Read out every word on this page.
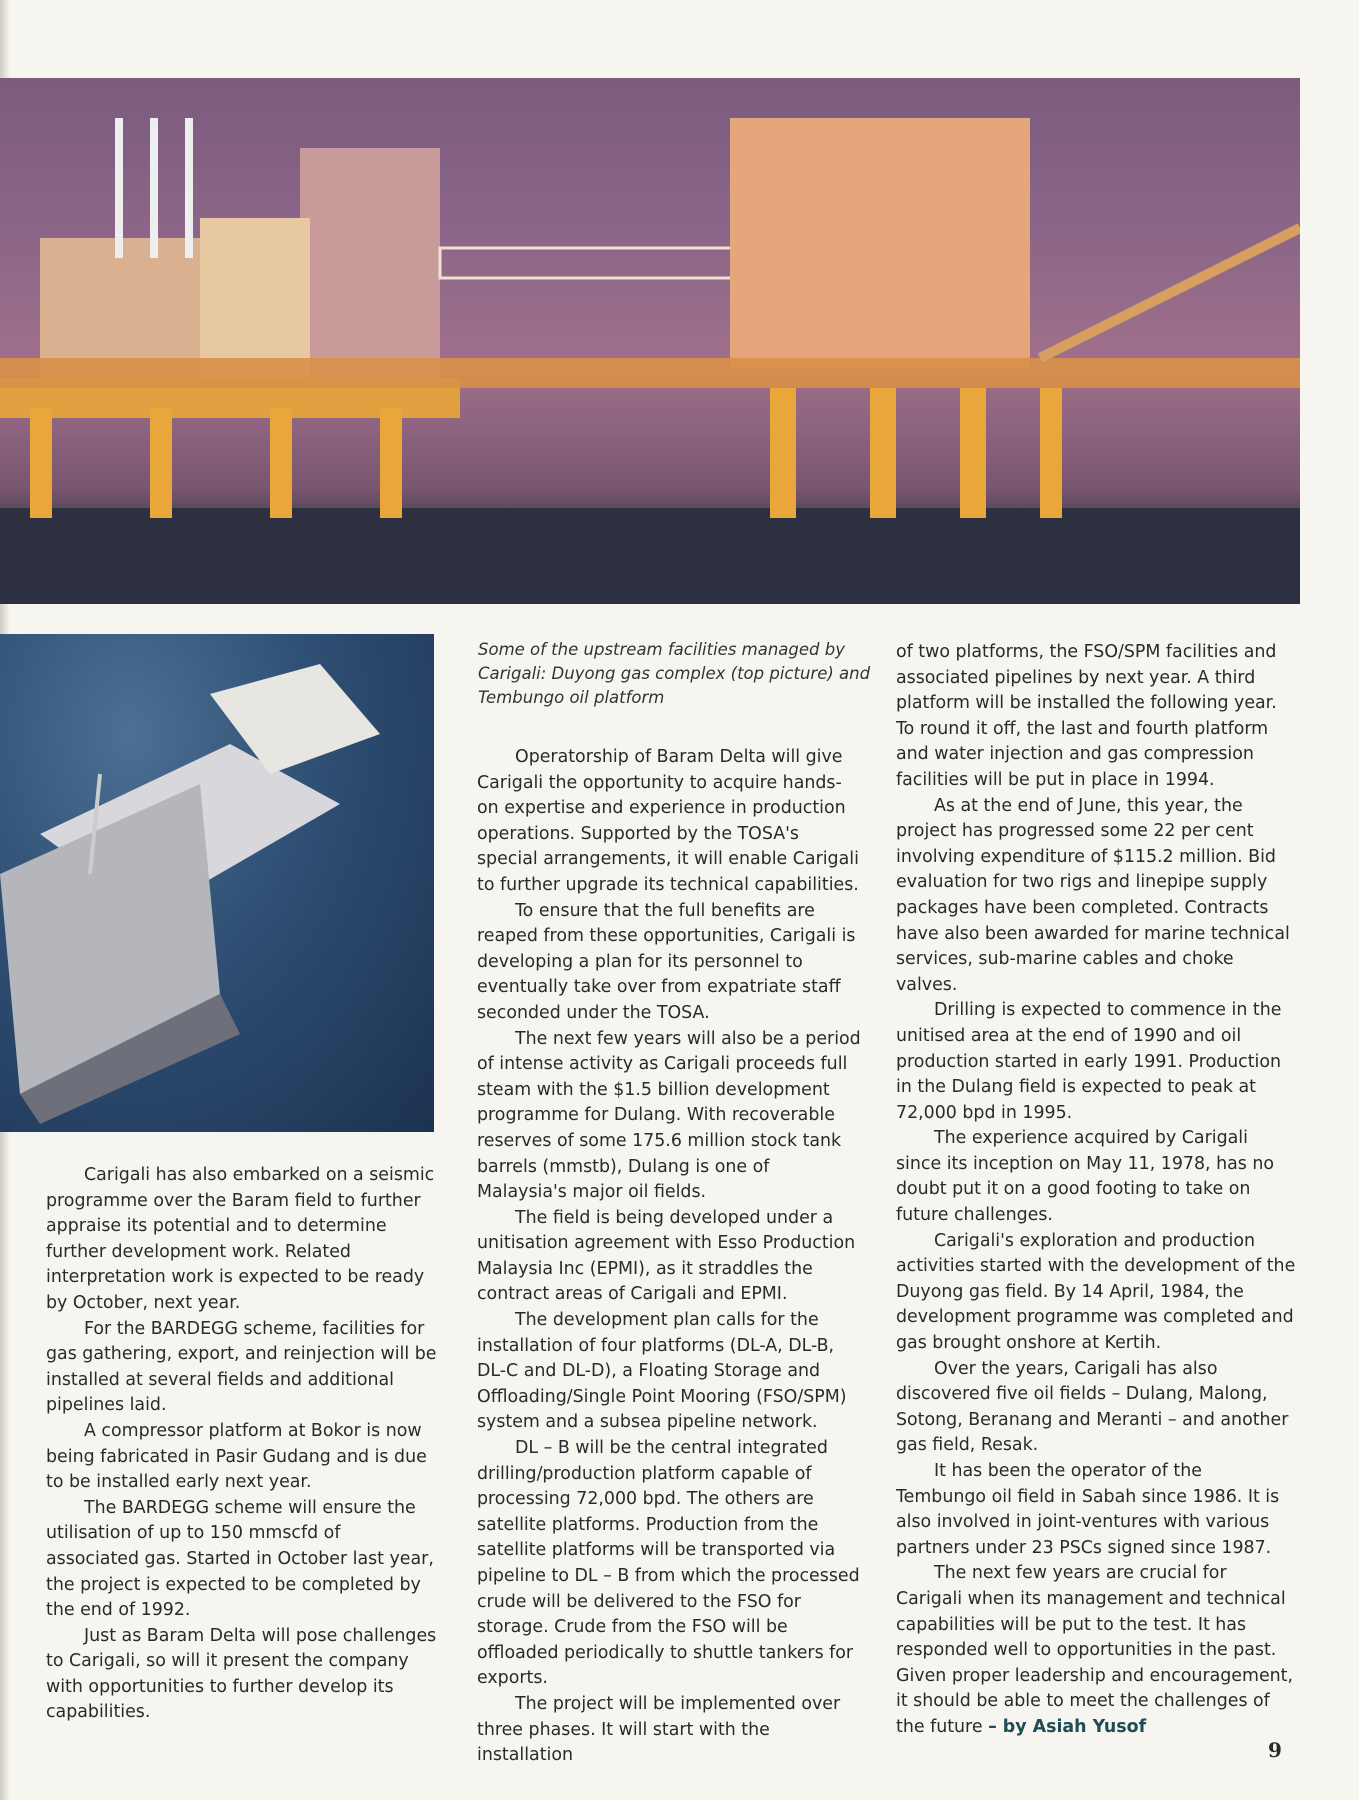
Some of the upstream facilities managed by Carigali: Duyong gas complex (top picture) and Tembungo oil platform

Carigali has also embarked on a seismic programme over the Baram field to further appraise its potential and to determine further development work. Related interpretation work is expected to be ready by October, next year.

For the BARDEGG scheme, facilities for gas gathering, export, and reinjection will be installed at several fields and additional pipelines laid.

A compressor platform at Bokor is now being fabricated in Pasir Gudang and is due to be installed early next year.

The BARDEGG scheme will ensure the utilisation of up to 150 mmscfd of associated gas. Started in October last year, the project is expected to be completed by the end of 1992.

Just as Baram Delta will pose challenges to Carigali, so will it present the company with opportunities to further develop its capabilities.

Operatorship of Baram Delta will give Carigali the opportunity to acquire hands-on expertise and experience in production operations. Supported by the TOSA's special arrangements, it will enable Carigali to further upgrade its technical capabilities.

To ensure that the full benefits are reaped from these opportunities, Carigali is developing a plan for its personnel to eventually take over from expatriate staff seconded under the TOSA.

The next few years will also be a period of intense activity as Carigali proceeds full steam with the $1.5 billion development programme for Dulang. With recoverable reserves of some 175.6 million stock tank barrels (mmstb), Dulang is one of Malaysia's major oil fields.

The field is being developed under a unitisation agreement with Esso Production Malaysia Inc (EPMI), as it straddles the contract areas of Carigali and EPMI.

The development plan calls for the installation of four platforms (DL-A, DL-B, DL-C and DL-D), a Floating Storage and Offloading/Single Point Mooring (FSO/SPM) system and a subsea pipeline network.

DL – B will be the central integrated drilling/production platform capable of processing 72,000 bpd. The others are satellite platforms. Production from the satellite platforms will be transported via pipeline to DL – B from which the processed crude will be delivered to the FSO for storage. Crude from the FSO will be offloaded periodically to shuttle tankers for exports.

The project will be implemented over three phases. It will start with the installation

of two platforms, the FSO/SPM facilities and associated pipelines by next year. A third platform will be installed the following year. To round it off, the last and fourth platform and water injection and gas compression facilities will be put in place in 1994.

As at the end of June, this year, the project has progressed some 22 per cent involving expenditure of $115.2 million. Bid evaluation for two rigs and linepipe supply packages have been completed. Contracts have also been awarded for marine technical services, sub-marine cables and choke valves.

Drilling is expected to commence in the unitised area at the end of 1990 and oil production started in early 1991. Production in the Dulang field is expected to peak at 72,000 bpd in 1995.

The experience acquired by Carigali since its inception on May 11, 1978, has no doubt put it on a good footing to take on future challenges.

Carigali's exploration and production activities started with the development of the Duyong gas field. By 14 April, 1984, the development programme was completed and gas brought onshore at Kertih.

Over the years, Carigali has also discovered five oil fields – Dulang, Malong, Sotong, Beranang and Meranti – and another gas field, Resak.

It has been the operator of the Tembungo oil field in Sabah since 1986. It is also involved in joint-ventures with various partners under 23 PSCs signed since 1987.

The next few years are crucial for Carigali when its management and technical capabilities will be put to the test. It has responded well to opportunities in the past. Given proper leadership and encouragement, it should be able to meet the challenges of the future – by Asiah Yusof

9
